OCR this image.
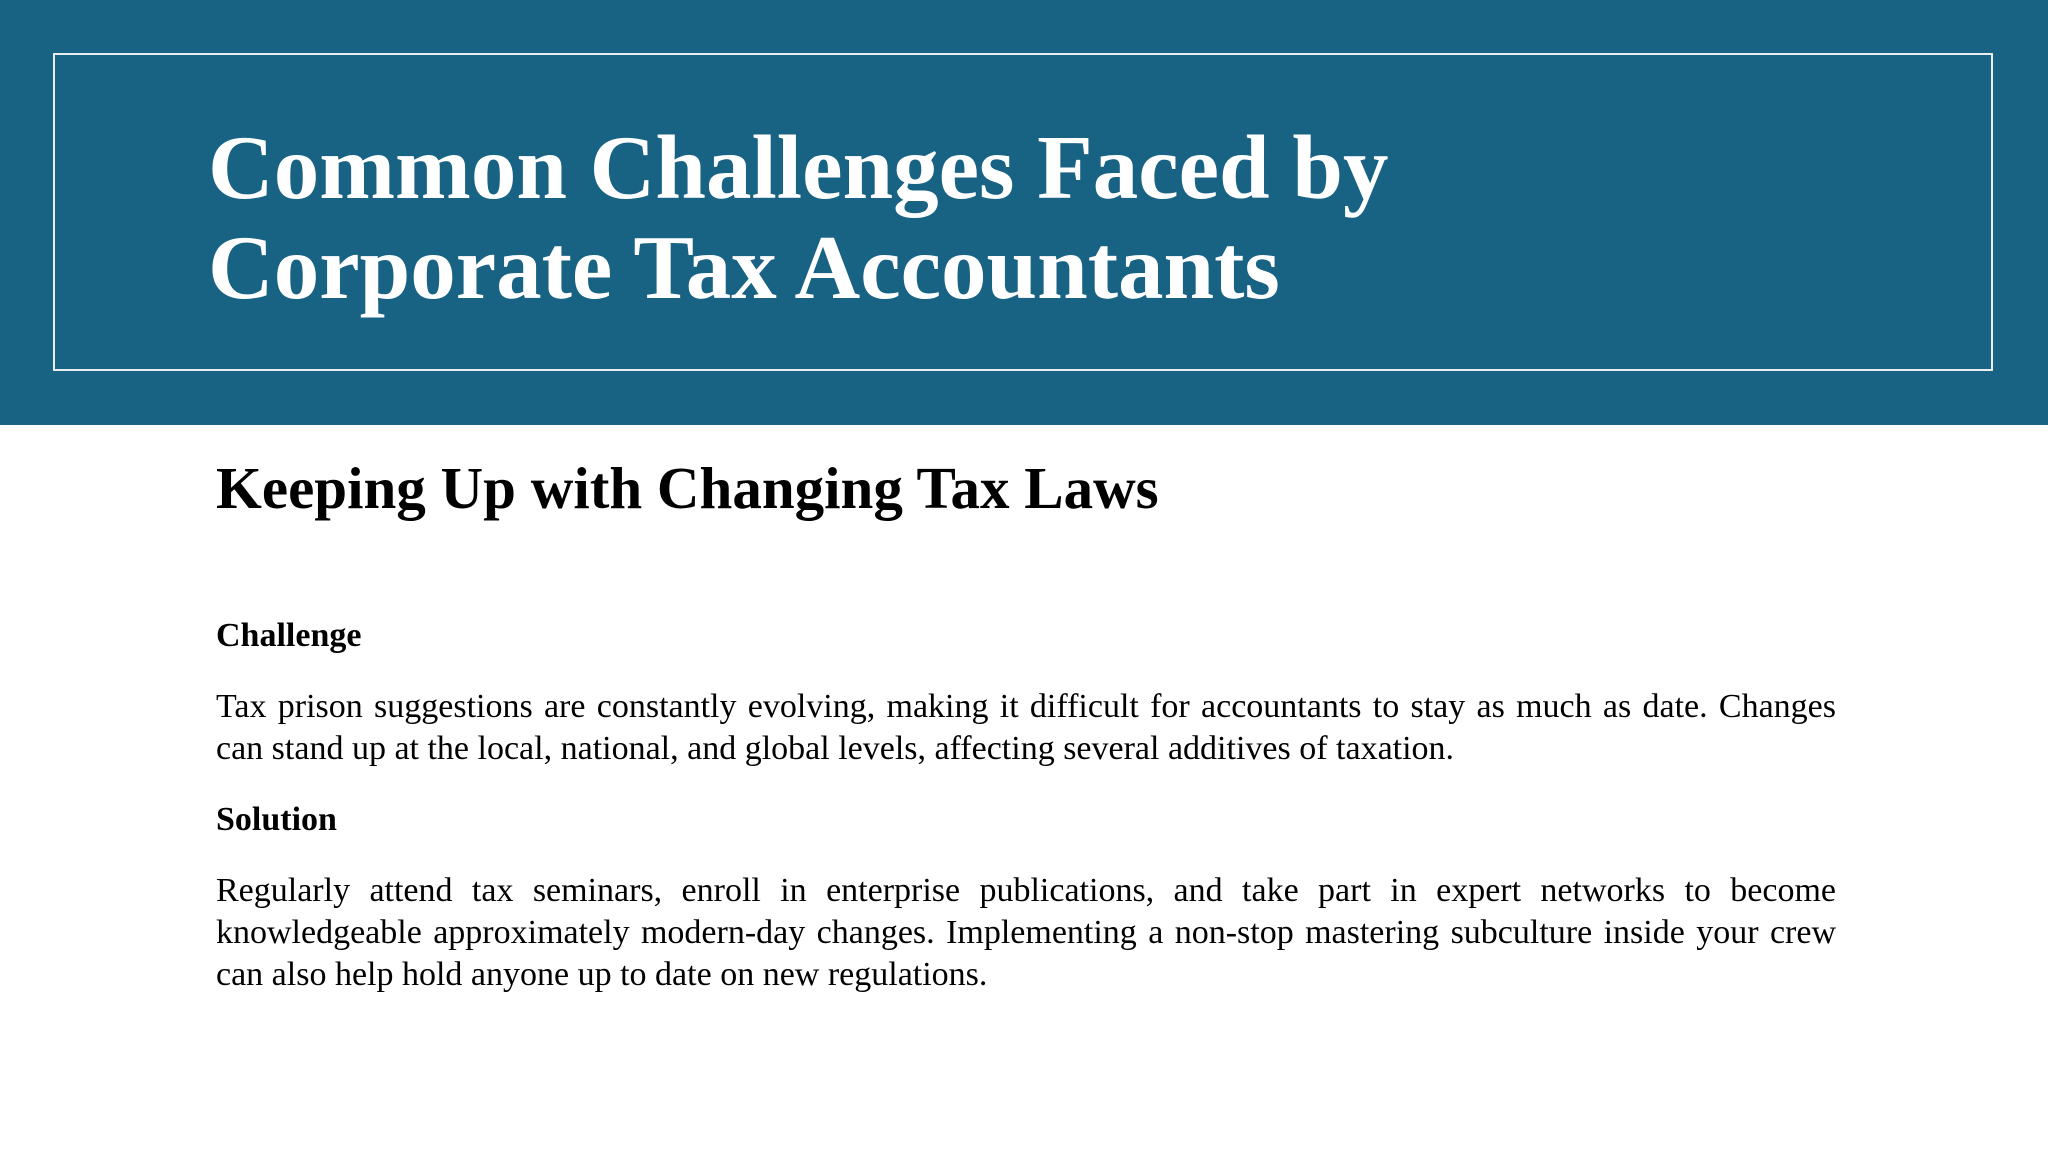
Common Challenges Faced by Corporate Tax Accountants
Keeping Up with Changing Tax Laws

Challenge

Tax prison suggestions are constantly evolving, making it difficult for accountants to stay as much as date. Changes can stand up at the local, national, and global levels, affecting several additives of taxation.

Solution

Regularly attend tax seminars, enroll in enterprise publications, and take part in expert networks to become knowledgeable approximately modern-day changes. Implementing a non-stop mastering subculture inside your crew can also help hold anyone up to date on new regulations.
